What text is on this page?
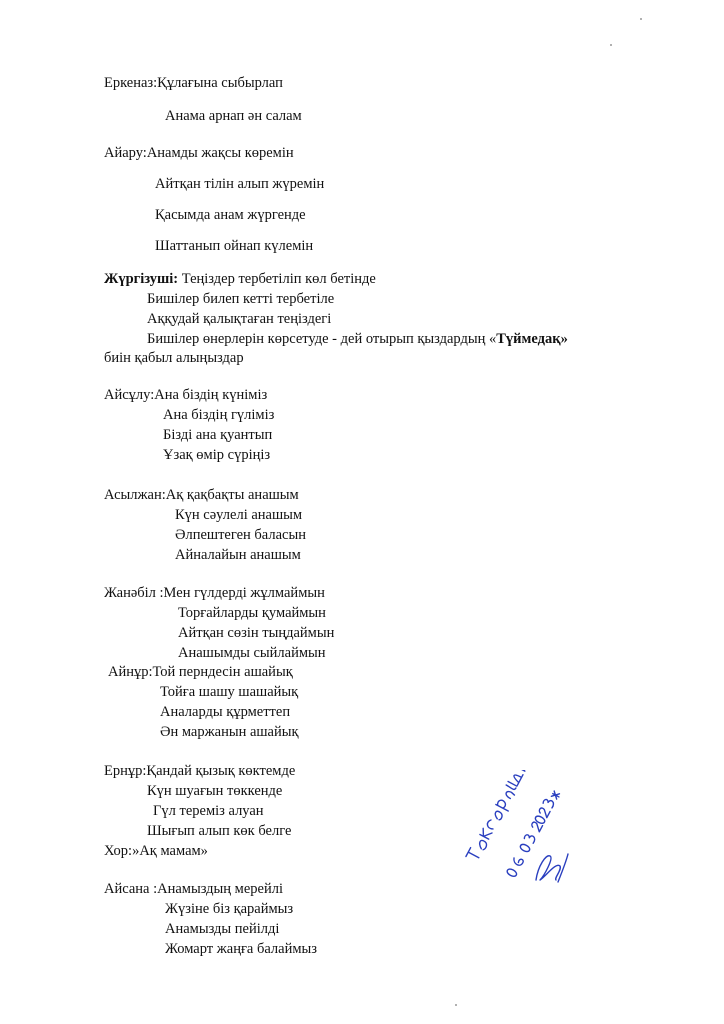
Еркеназ:Құлағына сыбырлап
Анама арнап ән салам
Айару:Анамды жақсы көремін
Айтқан тілін алып жүремін
Қасымда анам жүргенде
Шаттанып ойнап күлемін
Жүргізуші: Теңіздер тербетіліп көл бетінде
Бишілер билеп кетті тербетіле
Аққудай қалықтаған теңіздегі
Бишілер өнерлерін көрсетуде - дей отырып қыздардың «Түймедақ»
биін қабыл алыңыздар
Айсұлу:Ана біздің күніміз
Ана біздің гүліміз
Бізді ана қуантып
Ұзақ өмір сүріңіз
Асылжан:Ақ қақбақты анашым
Күн сәулелі анашым
Әлпештеген баласын
Айналайын анашым
Жанәбіл :Мен гүлдерді жұлмаймын
Торғайларды қумаймын
Айтқан сөзін тыңдаймын
Анашымды сыйлаймын
Айнұр:Той перндесін ашайық
Тойға шашу шашайық
Аналарды құрметтеп
Ән маржанын ашайық
Ернұр:Қандай қызық көктемде
Күн шуағын төккенде
Гүл тереміз алуан
Шығып алып көк белге
Хор:»Ақ мамам»
Айсана :Анамыздың мерейлі
Жүзіне біз қараймыз
Анамызды пейілді
Жомарт жаңға балаймыз
